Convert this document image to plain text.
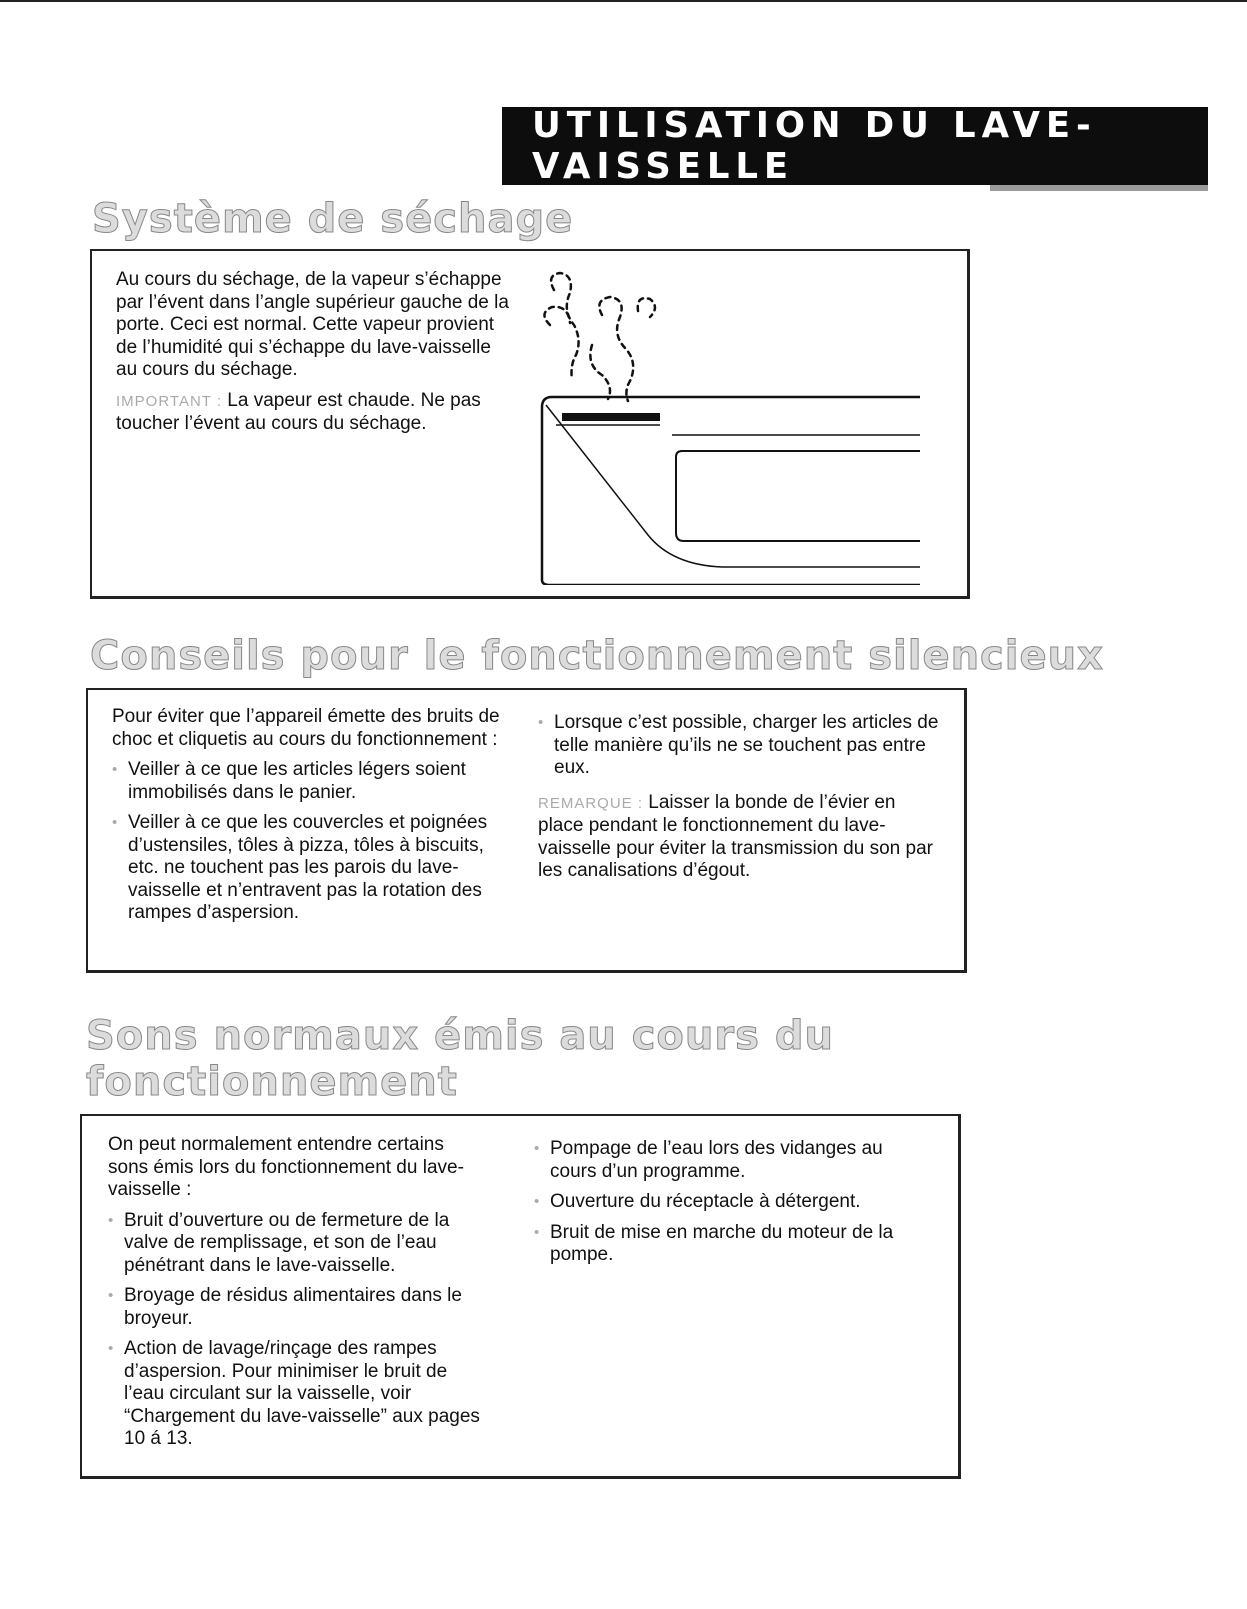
UTILISATION DU LAVE-VAISSELLE
Système de séchage

Au cours du séchage, de la vapeur s’échappe par l’évent dans l’angle supérieur gauche de la porte. Ceci est normal. Cette vapeur provient de l’humidité qui s’échappe du lave-vaisselle au cours du séchage.

IMPORTANT : La vapeur est chaude. Ne pas toucher l’évent au cours du séchage.

Conseils pour le fonctionnement silencieux

Pour éviter que l’appareil émette des bruits de choc et cliquetis au cours du fonctionnement :

• Veiller à ce que les articles légers soient immobilisés dans le panier.
• Veiller à ce que les couvercles et poignées d’ustensiles, tôles à pizza, tôles à biscuits, etc. ne touchent pas les parois du lave-vaisselle et n’entravent pas la rotation des rampes d’aspersion.
• Lorsque c’est possible, charger les articles de telle manière qu’ils ne se touchent pas entre eux.

REMARQUE : Laisser la bonde de l’évier en place pendant le fonctionnement du lave-vaisselle pour éviter la transmission du son par les canalisations d’égout.

Sons normaux émis au cours du
fonctionnement

On peut normalement entendre certains sons émis lors du fonctionnement du lave-vaisselle :

• Bruit d’ouverture ou de fermeture de la valve de remplissage, et son de l’eau pénétrant dans le lave-vaisselle.
• Broyage de résidus alimentaires dans le broyeur.
• Action de lavage/rinçage des rampes d’aspersion. Pour minimiser le bruit de l’eau circulant sur la vaisselle, voir “Chargement du lave-vaisselle” aux pages 10 á 13.
• Pompage de l’eau lors des vidanges au cours d’un programme.
• Ouverture du réceptacle à détergent.
• Bruit de mise en marche du moteur de la pompe.
